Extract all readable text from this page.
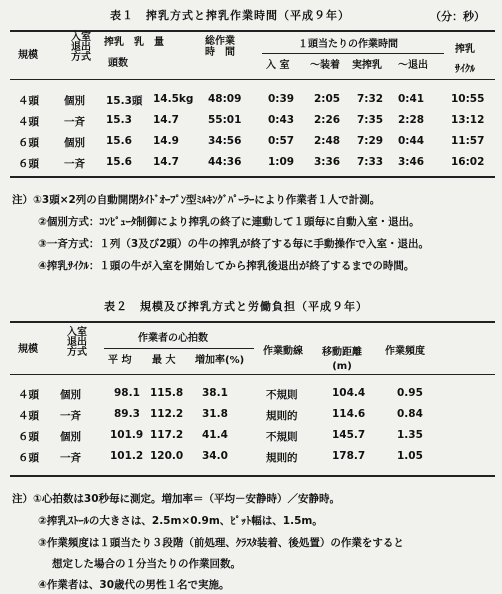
表１　搾乳方式と搾乳作業時間（平成９年）	（分：秒）
規模
入室
退出
方式
搾乳　乳　量
頭数
総作業
時　間
１頭当たりの作業時間
入 室 ～装着 実搾乳 ～退出
搾乳
ｻｲｸﾙ
４頭 個別 15.3頭 14.5kg 48:09	0:39 2:05 7:32 0:41	10:55
４頭 一斉 15.3 14.7	55:01	0:43 2:26 7:35 2:28	13:12
６頭 個別 15.6 14.9	34:56	0:57 2:48 7:29 0:44	11:57
６頭 一斉 15.6 14.7	44:36	1:09 3:36 7:33 3:46	16:02
注）①3頭×2列の自動開閉ﾀｲﾄﾞｵｰﾌﾟﾝ型ﾐﾙｷﾝｸﾞﾊﾟｰﾗｰにより作業者１人で計測。
②個別方式：ｺﾝﾋﾟｭｰﾀ制御により搾乳の終了に連動して１頭毎に自動入室・退出。
③一斉方式：１列（3及び2頭）の牛の搾乳が終了する毎に手動操作で入室・退出。
④搾乳ｻｲｸﾙ：１頭の牛が入室を開始してから搾乳後退出が終了するまでの時間。
表２　規模及び搾乳方式と労働負担（平成９年）
規模
入室
退出
方式
作業者の心拍数
平 均 最 大 増加率(%)
作業動線 移動距離
(m)
作業頻度
４頭 個別	98.1 115.8 38.1	不規則	104.4	0.95
４頭 一斉	89.3 112.2 31.8	規則的	114.6	0.84
６頭 個別	101.9 117.2 41.4	不規則	145.7	1.35
６頭 一斉	101.2 120.0 34.0	規則的	178.7	1.05
注）①心拍数は30秒毎に測定。増加率＝（平均－安静時）／安静時。
②搾乳ｽﾄｰﾙの大きさは、2.5m×0.9m、ﾋﾟｯﾄ幅は、1.5m。
③作業頻度は１頭当たり３段階（前処理、ｸﾗｽﾀ装着、後処置）の作業をすると
想定した場合の１分当たりの作業回数。
④作業者は、30歳代の男性１名で実施。
